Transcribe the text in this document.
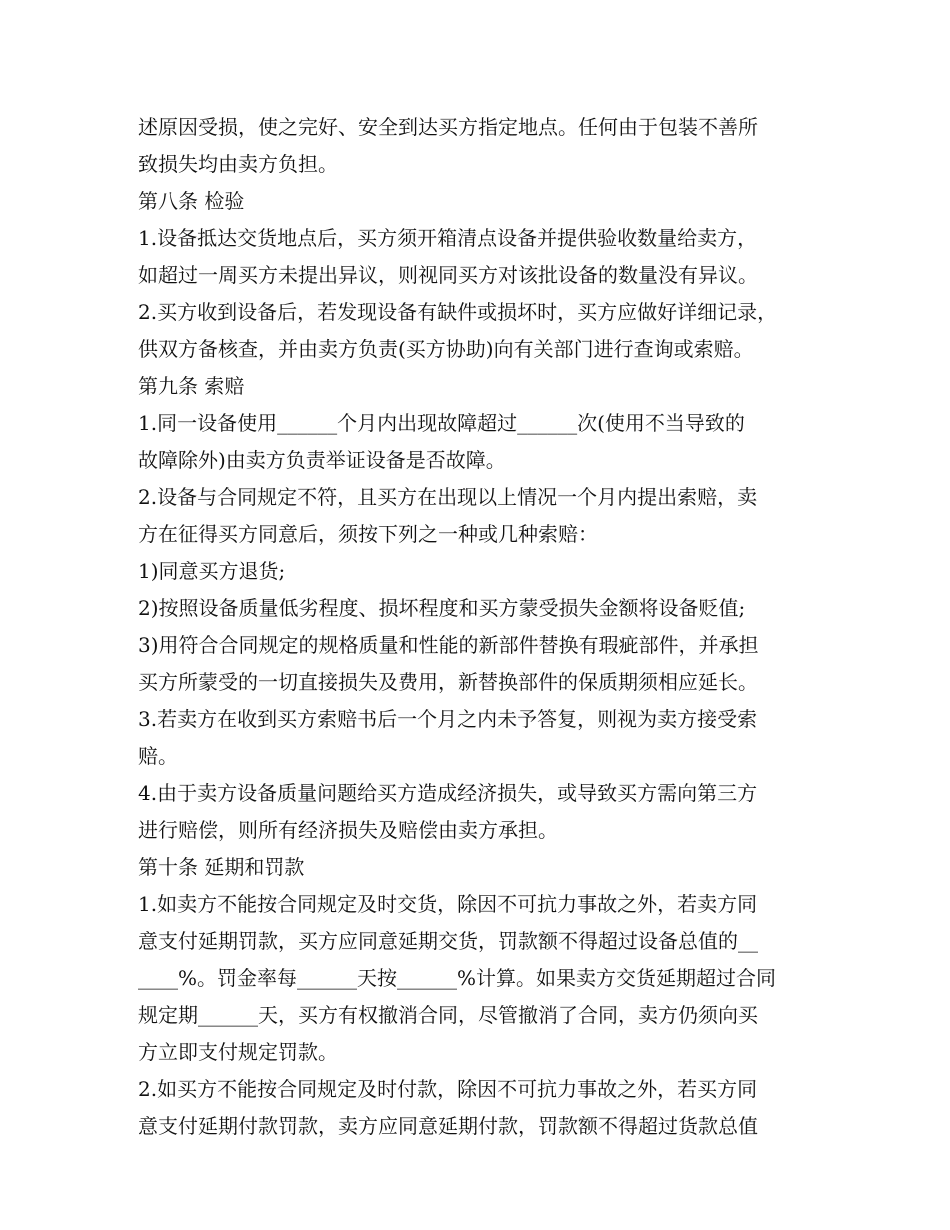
述原因受损，使之完好、安全到达买方指定地点。任何由于包装不善所
致损失均由卖方负担。
第八条 检验
1.设备抵达交货地点后，买方须开箱清点设备并提供验收数量给卖方，
如超过一周买方未提出异议，则视同买方对该批设备的数量没有异议。
2.买方收到设备后，若发现设备有缺件或损坏时，买方应做好详细记录，
供双方备核查，并由卖方负责(买方协助)向有关部门进行查询或索赔。
第九条 索赔
1.同一设备使用______个月内出现故障超过______次(使用不当导致的
故障除外)由卖方负责举证设备是否故障。
2.设备与合同规定不符，且买方在出现以上情况一个月内提出索赔，卖
方在征得买方同意后，须按下列之一种或几种索赔：
1)同意买方退货;
2)按照设备质量低劣程度、损坏程度和买方蒙受损失金额将设备贬值;
3)用符合合同规定的规格质量和性能的新部件替换有瑕疵部件，并承担
买方所蒙受的一切直接损失及费用，新替换部件的保质期须相应延长。
3.若卖方在收到买方索赔书后一个月之内未予答复，则视为卖方接受索
赔。
4.由于卖方设备质量问题给买方造成经济损失，或导致买方需向第三方
进行赔偿，则所有经济损失及赔偿由卖方承担。
第十条 延期和罚款
1.如卖方不能按合同规定及时交货，除因不可抗力事故之外，若卖方同
意支付延期罚款，买方应同意延期交货，罚款额不得超过设备总值的__
____%。罚金率每______天按______%计算。如果卖方交货延期超过合同
规定期______天，买方有权撤消合同，尽管撤消了合同，卖方仍须向买
方立即支付规定罚款。
2.如买方不能按合同规定及时付款，除因不可抗力事故之外，若买方同
意支付延期付款罚款，卖方应同意延期付款，罚款额不得超过货款总值
